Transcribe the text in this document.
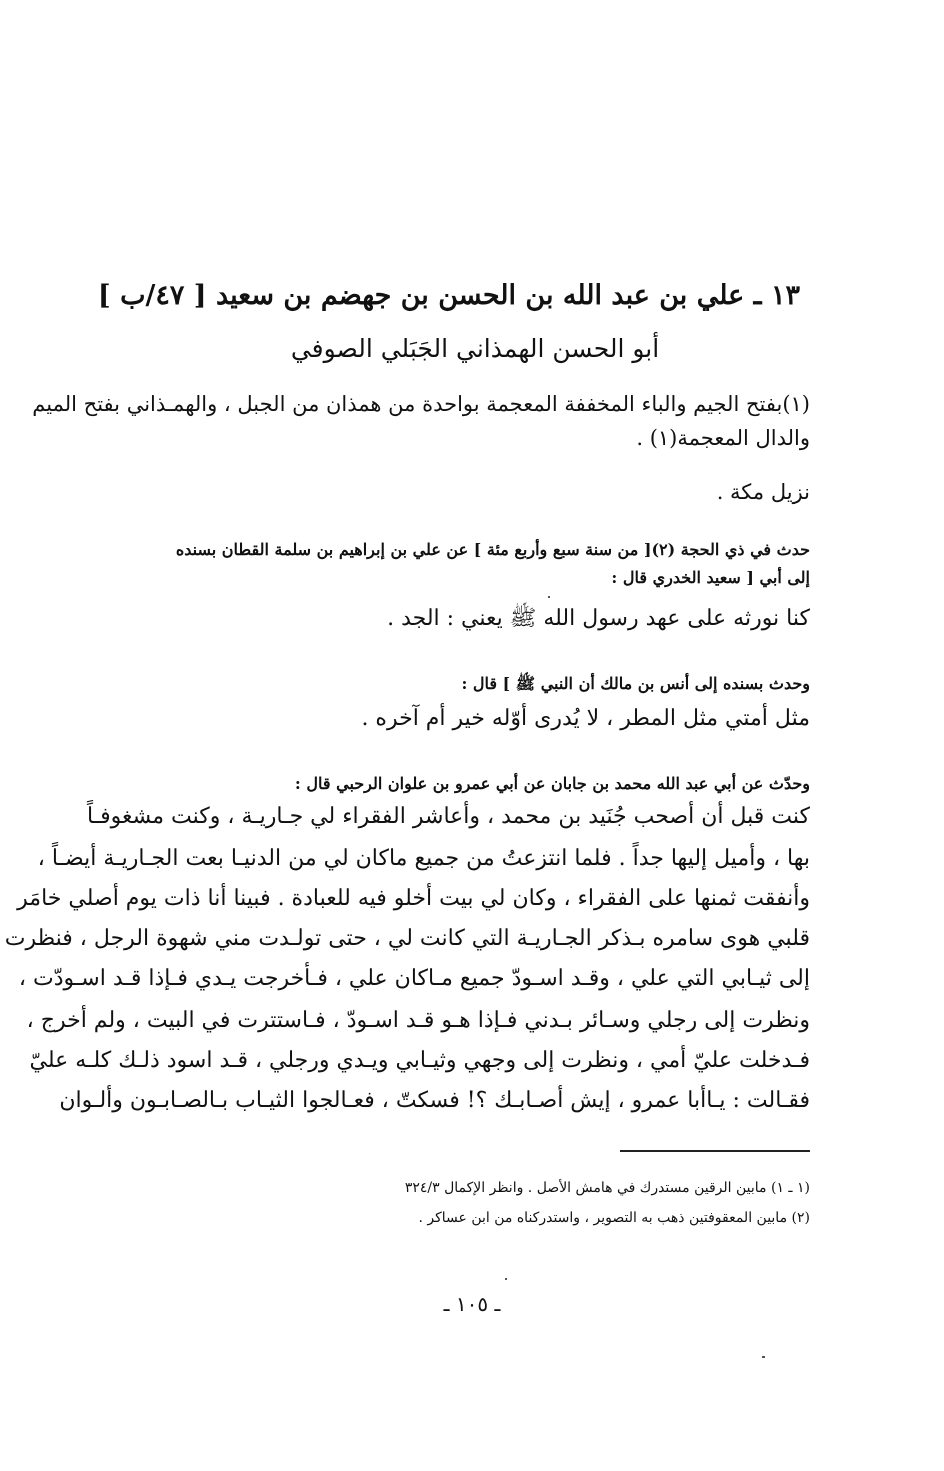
١٣ ـ علي بن عبد الله بن الحسن بن جهضم بن سعيد [ ٤٧/ب ]
أبو الحسن الهمذاني الجَبَلي الصوفي
(١)بفتح الجيم والباء المخففة المعجمة بواحدة من همذان من الجبل ، والهمـذاني بفتح الميم
والدال المعجمة(١) .
نزيل مكة .
حدث في ذي الحجة (٢)[ من سنة سبع وأربع مئة ] عن علي بن إبراهيم بن سلمة القطان بسنده
إلى أبي [ سعيد الخدري قال :
كنا نورثه على عهد رسول الله ﷺ يعني : الجد .
وحدث بسنده إلى أنس بن مالك أن النبي ﷺ ] قال :
مثل أمتي مثل المطر ، لا يُدرى أوّله خير أم آخره .
وحدّث عن أبي عبد الله محمد بن جابان عن أبي عمرو بن علوان الرحبي قال :
كنت قبل أن أصحب جُنَيد بن محمد ، وأعاشر الفقراء لي جـاريـة ، وكنت مشغوفـاً
بها ، وأميل إليها جداً . فلما انتزعتُ من جميع ماكان لي من الدنيـا بعت الجـاريـة أيضـاً ،
وأنفقت ثمنها على الفقراء ، وكان لي بيت أخلو فيه للعبادة . فبينا أنا ذات يوم أصلي خامَر
قلبي هوى سامره بـذكر الجـاريـة التي كانت لي ، حتى تولـدت مني شهوة الرجل ، فنظرت
إلى ثيـابي التي علي ، وقـد اسـودّ جميع مـاكان علي ، فـأخرجت يـدي فـإذا قـد اسـودّت ،
ونظرت إلى رجلي وسـائر بـدني فـإذا هـو قـد اسـودّ ، فـاستترت في البيت ، ولم أخرج ،
فـدخلت عليّ أمي ، ونظرت إلى وجهي وثيـابي ويـدي ورجلي ، قـد اسود ذلـك كلـه عليّ
فقـالت : يـاأبا عمرو ، إيش أصـابـك ؟! فسكتّ ، فعـالجوا الثيـاب بـالصـابـون وألـوان
(١ ـ ١) مابين الرقين مستدرك في هامش الأصل . وانظر الإكمال ٣٢٤/٣
(٢) مابين المعقوفتين ذهب به التصوير ، واستدركناه من ابن عساكر .
ـ ١٠٥ ـ
